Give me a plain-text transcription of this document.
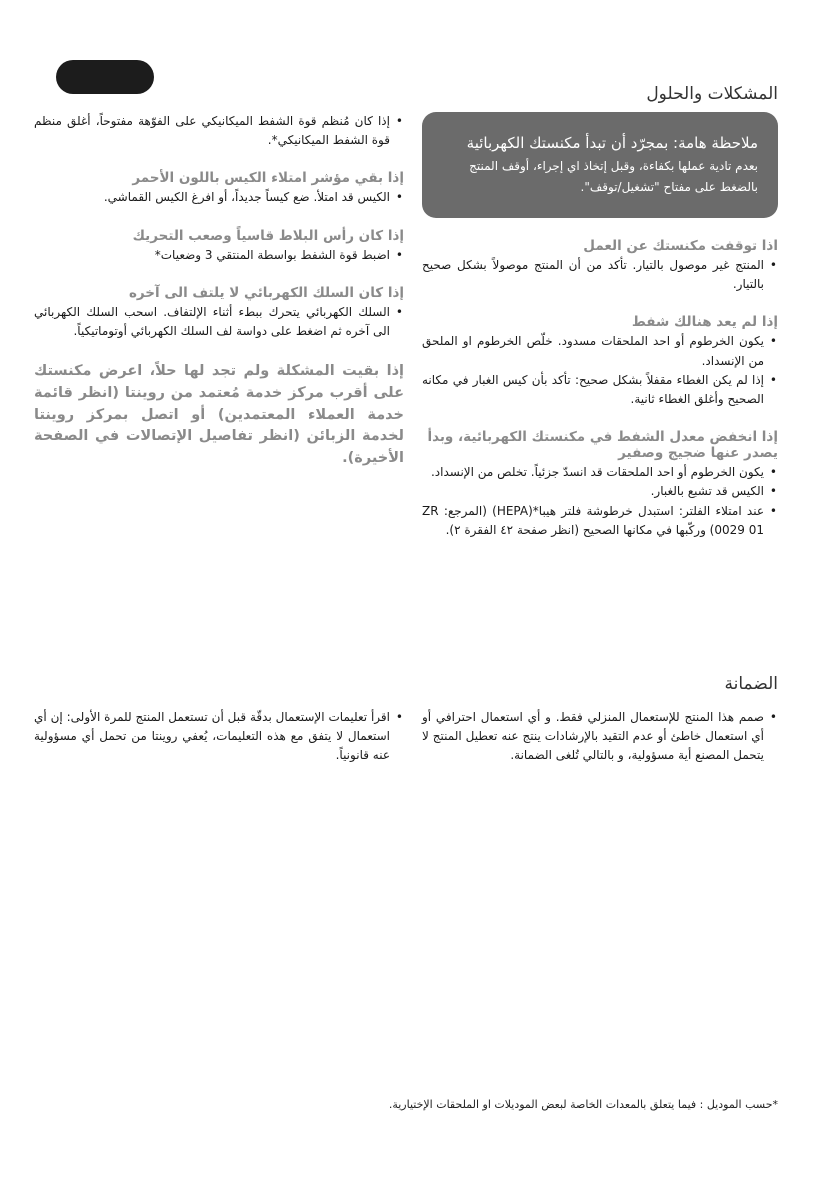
المشكلات والحلول
ملاحظة هامة: بمجرّد أن تبدأ مكنستك الكهربائية
بعدم تادية عملها بكفاءة، وقبل إتخاذ اي إجراء، أوقف المنتج بالضغط على مفتاح "تشغيل/توقف".
اذا توقفت مكنستك عن العمل
• المنتج غير موصول بالتيار. تأكد من أن المنتج موصولاً بشكل صحيح بالتيار.
إذا لم يعد هنالك شفط
• يكون الخرطوم أو احد الملحقات مسدود. خلّص الخرطوم او الملحق من الإنسداد.
• إذا لم يكن الغطاء مقفلاً بشكل صحيح: تأكد بأن كيس الغبار في مكانه الصحيح وأغلق الغطاء ثانية.
إذا انخفض معدل الشفط في مكنستك الكهربائية، وبدأ يصدر عنها ضجيج وصفير
• يكون الخرطوم أو احد الملحقات قد انسدّ جزئياً. تخلص من الإنسداد.
• الكيس قد تشبع بالغبار.
• عند امتلاء الفلتر: استبدل خرطوشة فلتر هيبا*(HEPA) (المرجع: ZR 0029 01) وركّبها في مكانها الصحيح (انظر صفحة ٤٢ الفقرة ٢).
• إذا كان مُنظم قوة الشفط الميكانيكي على الفوّهة مفتوحاً، أغلق منظم قوة الشفط الميكانيكي*.
إذا بقي مؤشر امتلاء الكيس باللون الأحمر
• الكيس قد امتلأ. ضع كيساً جديداً، أو افرغ الكيس القماشي.
إذا كان رأس البلاط قاسياً وصعب التحريك
• اضبط قوة الشفط بواسطة المنتقي 3 وضعيات*
إذا كان السلك الكهربائي لا يلتف الى آخره
• السلك الكهربائي يتحرك ببطء أثناء الإلتفاف. اسحب السلك الكهربائي الى آخره ثم اضغط على دواسة لف السلك الكهربائي أوتوماتيكياً.
إذا بقيت المشكلة ولم تجد لها حلاً، اعرض مكنستك على أقرب مركز خدمة مُعتمد من روينتا (انظر قائمة خدمة العملاء المعتمدين) أو اتصل بمركز روينتا لخدمة الزبائن (انظر تفاصيل الإتصالات في الصفحة الأخيرة).
الضمانة
• صمم هذا المنتج للإستعمال المنزلي فقط. و أي استعمال احترافي أو أي استعمال خاطئ أو عدم التقيد بالإرشادات ينتج عنه تعطيل المنتج لا يتحمل المصنع أية مسؤولية، و بالتالي تُلغى الضمانة.
• اقرأ تعليمات الإستعمال بدقّة قبل أن تستعمل المنتج للمرة الأولى: إن أي استعمال لا يتفق مع هذه التعليمات، يُعفي روينتا من تحمل أي مسؤولية عنه قانونياً.
*حسب الموديل : فيما يتعلق بالمعدات الخاصة لبعض الموديلات او الملحقات الإختيارية.
